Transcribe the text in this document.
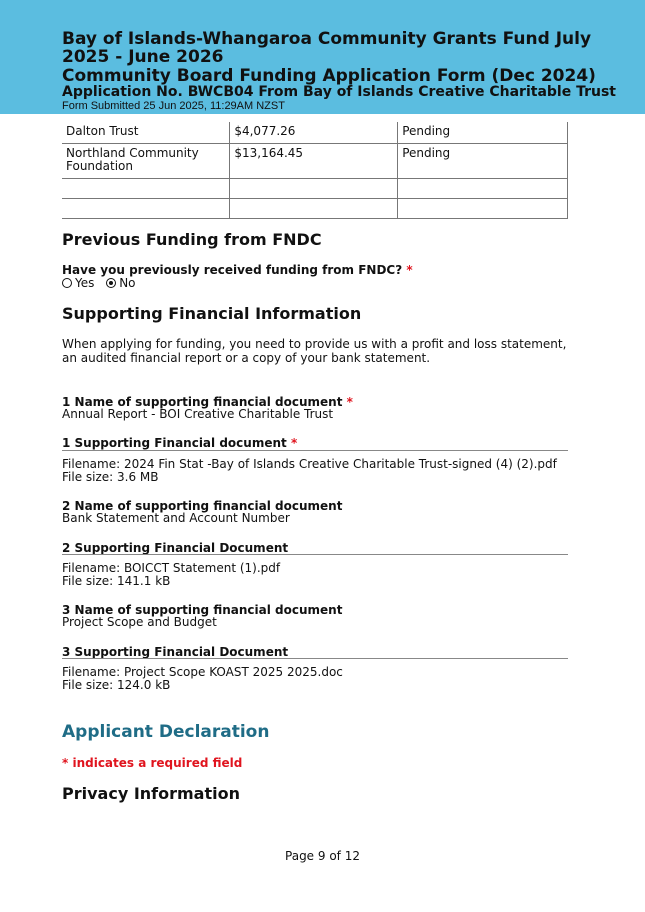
Bay of Islands-Whangaroa Community Grants Fund July 2025 - June 2026
Community Board Funding Application Form (Dec 2024)
Application No. BWCB04 From Bay of Islands Creative Charitable Trust
Form Submitted 25 Jun 2025, 11:29AM NZST
Dalton Trust	$4,077.26	Pending
Northland Community Foundation	$13,164.45	Pending

Previous Funding from FNDC
Have you previously received funding from FNDC? *
Yes No
Supporting Financial Information
When applying for funding, you need to provide us with a profit and loss statement, an audited financial report or a copy of your bank statement.
1 Name of supporting financial document *
Annual Report - BOI Creative Charitable Trust
1 Supporting Financial document *
Filename: 2024 Fin Stat -Bay of Islands Creative Charitable Trust-signed (4) (2).pdf
File size: 3.6 MB
2 Name of supporting financial document
Bank Statement and Account Number
2 Supporting Financial Document
Filename: BOICCT Statement (1).pdf
File size: 141.1 kB
3 Name of supporting financial document
Project Scope and Budget
3 Supporting Financial Document
Filename: Project Scope KOAST 2025 2025.doc
File size: 124.0 kB
Applicant Declaration
* indicates a required field
Privacy Information
Page 9 of 12
